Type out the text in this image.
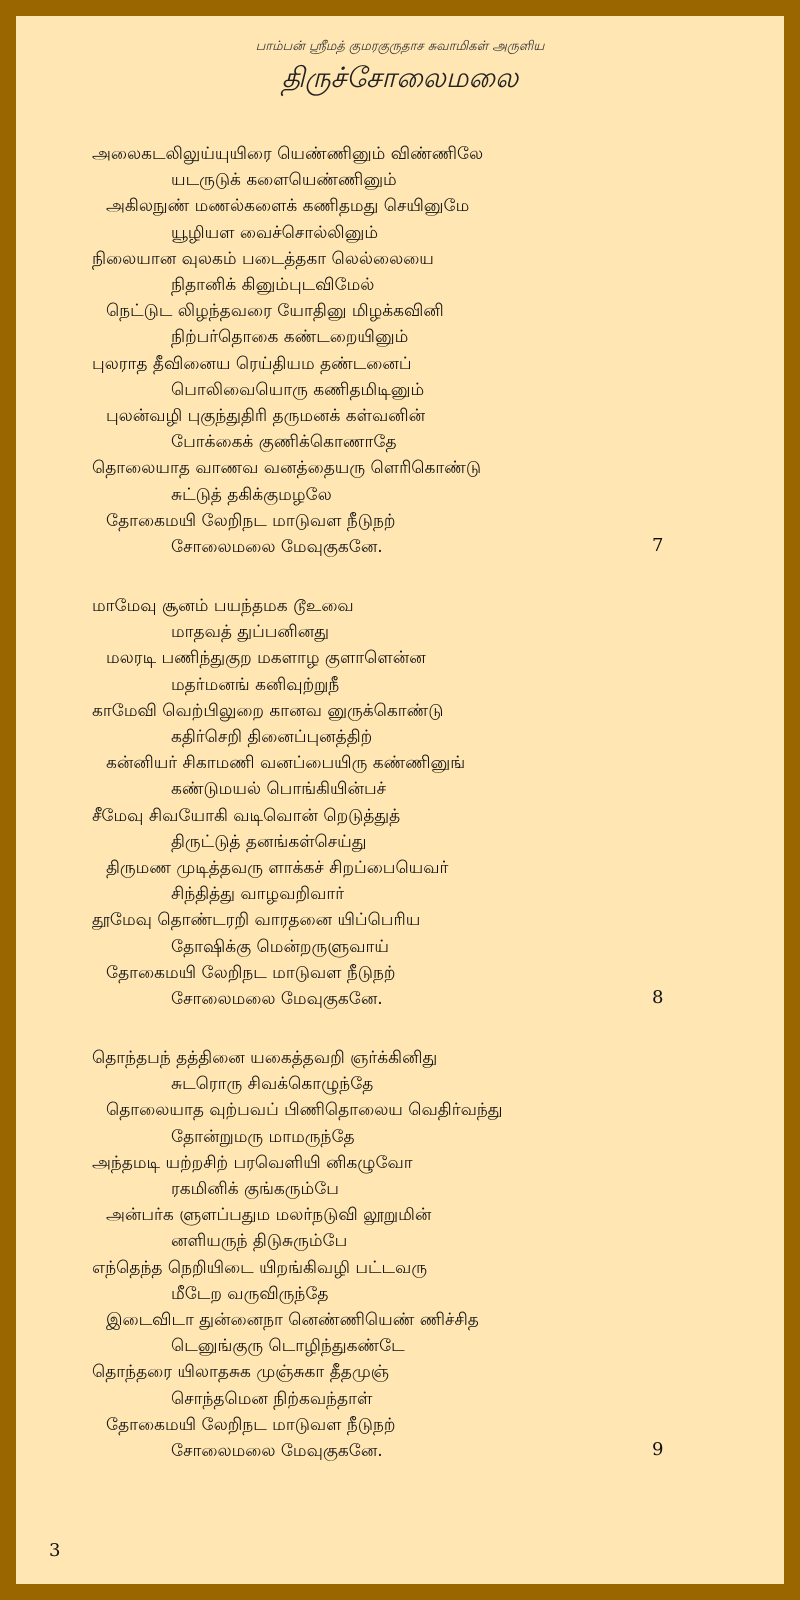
பாம்பன் ஸ்ரீமத் குமரகுருதாச சுவாமிகள் அருளிய
திருச்சோலைமலை
அலைகடலிலுய்யுயிரை யெண்ணினும் விண்ணிலே
யடருடுக் களையெண்ணினும்
அகிலநுண் மணல்களைக் கணிதமது செயினுமே
யூழியள வைச்சொல்லினும்
நிலையான வுலகம் படைத்தகா லெல்லையை
நிதானிக் கினும்புடவிமேல்
நெட்டுட லிழந்தவரை யோதினு மிழக்கவினி
நிற்பர்தொகை கண்டறையினும்
புலராத தீவினைய ரெய்தியம தண்டனைப்
பொலிவையொரு கணிதமிடினும்
புலன்வழி புகுந்துதிரி தருமனக் கள்வனின்
போக்கைக் குணிக்கொணாதே
தொலையாத வாணவ வனத்தையரு ளெரிகொண்டு
சுட்டுத் தகிக்குமழலே
தோகைமயி லேறிநட மாடுவள நீடுநற்
சோலைமலை மேவுகுகனே.	7
மாமேவு சூனம் பயந்தமக டூஉவை
மாதவத் துப்பனினது
மலரடி பணிந்துகுற மகளாழ குளாளென்ன
மதர்மனங் கனிவுற்றுநீ
காமேவி வெற்பிலுறை கானவ னுருக்கொண்டு
கதிர்செறி தினைப்புனத்திற்
கன்னியர் சிகாமணி வனப்பையிரு கண்ணினுங்
கண்டுமயல் பொங்கியின்பச்
சீமேவு சிவயோகி வடிவொன் றெடுத்துத்
திருட்டுத் தனங்கள்செய்து
திருமண முடித்தவரு ளாக்கச் சிறப்பையெவர்
சிந்தித்து வாழவறிவார்
தூமேவு தொண்டரறி வாரதனை யிப்பெரிய
தோஷிக்கு மென்றருளுவாய்
தோகைமயி லேறிநட மாடுவள நீடுநற்
சோலைமலை மேவுகுகனே.	8
தொந்தபந் தத்தினை யகைத்தவறி ஞர்க்கினிது
சுடரொரு சிவக்கொழுந்தே
தொலையாத வுற்பவப் பிணிதொலைய வெதிர்வந்து
தோன்றுமரு மாமருந்தே
அந்தமடி யற்றசிற் பரவெளியி னிகழுவோ
ரகமினிக் குங்கரும்பே
அன்பர்க ளுளப்பதும மலர்நடுவி லூறுமின்
னளியருந் திடுசுரும்பே
எந்தெந்த நெறியிடை யிறங்கிவழி பட்டவரு
மீடேற வருவிருந்தே
இடைவிடா துன்னைநா னெண்ணியெண் ணிச்சித
டெனுங்குரு டொழிந்துகண்டே
தொந்தரை யிலாதசுக முஞ்சுகா தீதமுஞ்
சொந்தமென நிற்கவந்தாள்
தோகைமயி லேறிநட மாடுவள நீடுநற்
சோலைமலை மேவுகுகனே.	9
3
